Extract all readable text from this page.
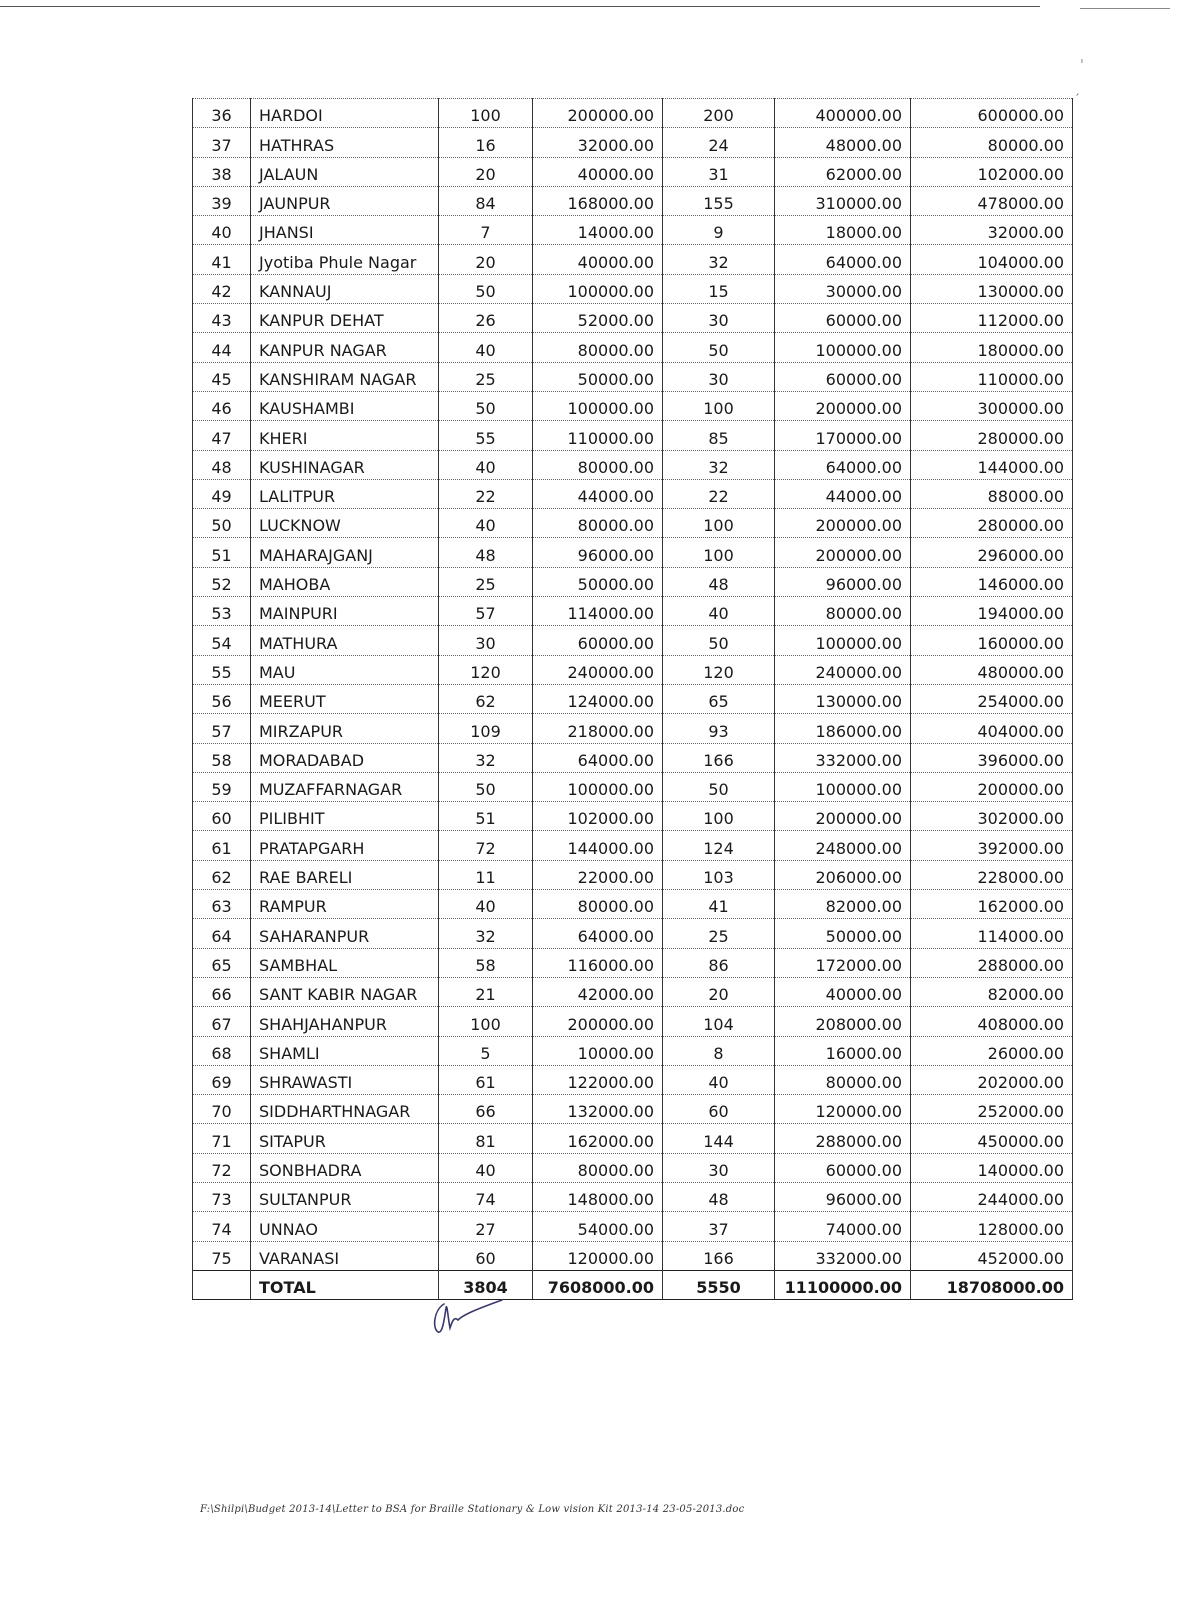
ˈ
′
36	HARDOI	100	200000.00	200	400000.00	600000.00
37	HATHRAS	16	32000.00	24	48000.00	80000.00
38	JALAUN	20	40000.00	31	62000.00	102000.00
39	JAUNPUR	84	168000.00	155	310000.00	478000.00
40	JHANSI	7	14000.00	9	18000.00	32000.00
41	Jyotiba Phule Nagar	20	40000.00	32	64000.00	104000.00
42	KANNAUJ	50	100000.00	15	30000.00	130000.00
43	KANPUR DEHAT	26	52000.00	30	60000.00	112000.00
44	KANPUR NAGAR	40	80000.00	50	100000.00	180000.00
45	KANSHIRAM NAGAR	25	50000.00	30	60000.00	110000.00
46	KAUSHAMBI	50	100000.00	100	200000.00	300000.00
47	KHERI	55	110000.00	85	170000.00	280000.00
48	KUSHINAGAR	40	80000.00	32	64000.00	144000.00
49	LALITPUR	22	44000.00	22	44000.00	88000.00
50	LUCKNOW	40	80000.00	100	200000.00	280000.00
51	MAHARAJGANJ	48	96000.00	100	200000.00	296000.00
52	MAHOBA	25	50000.00	48	96000.00	146000.00
53	MAINPURI	57	114000.00	40	80000.00	194000.00
54	MATHURA	30	60000.00	50	100000.00	160000.00
55	MAU	120	240000.00	120	240000.00	480000.00
56	MEERUT	62	124000.00	65	130000.00	254000.00
57	MIRZAPUR	109	218000.00	93	186000.00	404000.00
58	MORADABAD	32	64000.00	166	332000.00	396000.00
59	MUZAFFARNAGAR	50	100000.00	50	100000.00	200000.00
60	PILIBHIT	51	102000.00	100	200000.00	302000.00
61	PRATAPGARH	72	144000.00	124	248000.00	392000.00
62	RAE BARELI	11	22000.00	103	206000.00	228000.00
63	RAMPUR	40	80000.00	41	82000.00	162000.00
64	SAHARANPUR	32	64000.00	25	50000.00	114000.00
65	SAMBHAL	58	116000.00	86	172000.00	288000.00
66	SANT KABIR NAGAR	21	42000.00	20	40000.00	82000.00
67	SHAHJAHANPUR	100	200000.00	104	208000.00	408000.00
68	SHAMLI	5	10000.00	8	16000.00	26000.00
69	SHRAWASTI	61	122000.00	40	80000.00	202000.00
70	SIDDHARTHNAGAR	66	132000.00	60	120000.00	252000.00
71	SITAPUR	81	162000.00	144	288000.00	450000.00
72	SONBHADRA	40	80000.00	30	60000.00	140000.00
73	SULTANPUR	74	148000.00	48	96000.00	244000.00
74	UNNAO	27	54000.00	37	74000.00	128000.00
75	VARANASI	60	120000.00	166	332000.00	452000.00
	TOTAL	3804	7608000.00	5550	11100000.00	18708000.00
F:\Shilpi\Budget 2013-14\Letter to BSA for Braille Stationary & Low vision Kit 2013-14 23-05-2013.doc
